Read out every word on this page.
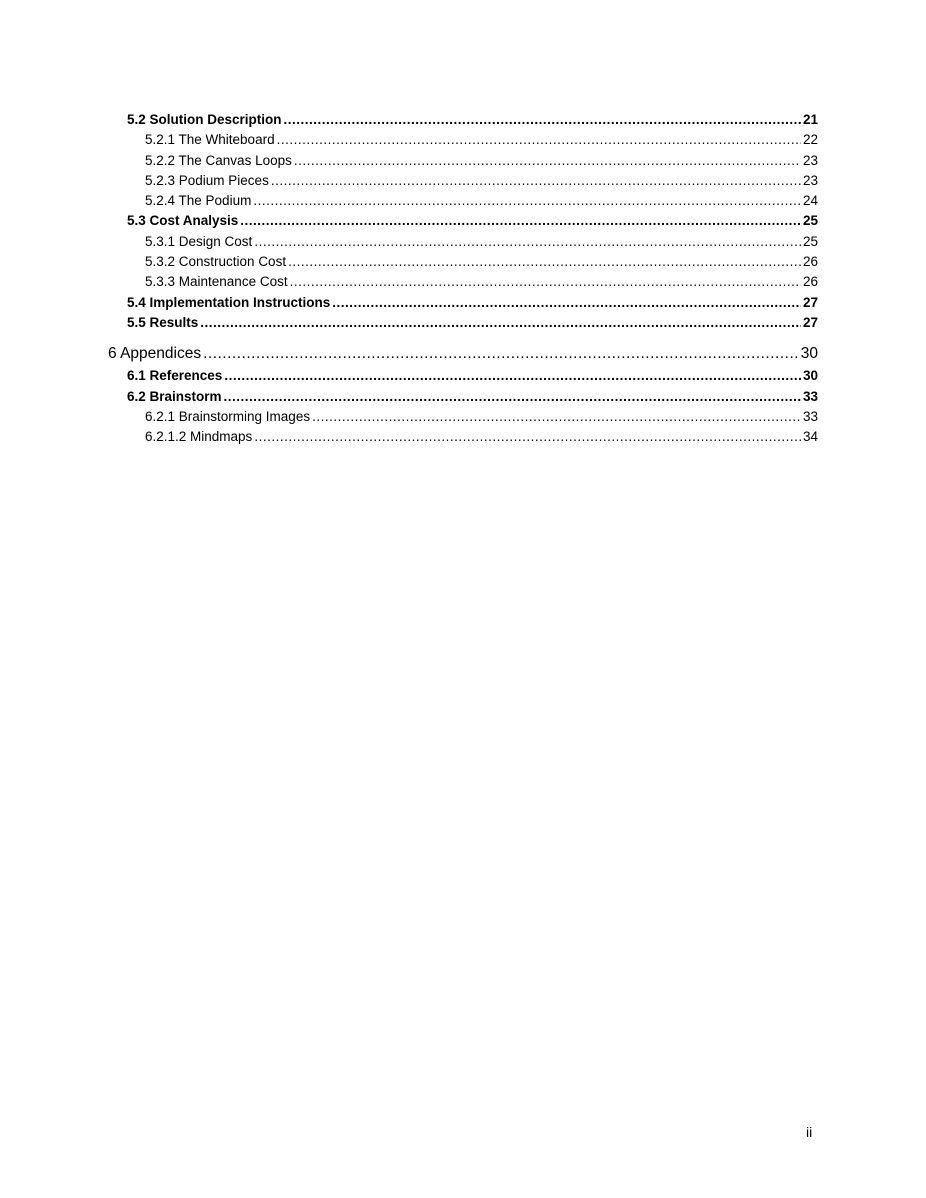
5.2 Solution Description .....	21
5.2.1 The Whiteboard .....	22
5.2.2 The Canvas Loops .....	23
5.2.3 Podium Pieces .....	23
5.2.4 The Podium .....	24
5.3 Cost Analysis .....	25
5.3.1 Design Cost .....	25
5.3.2 Construction Cost .....	26
5.3.3 Maintenance Cost .....	26
5.4 Implementation Instructions .....	27
5.5 Results .....	27
6 Appendices .....	30
6.1 References .....	30
6.2 Brainstorm .....	33
6.2.1 Brainstorming Images .....	33
6.2.1.2 Mindmaps .....	34
ii
